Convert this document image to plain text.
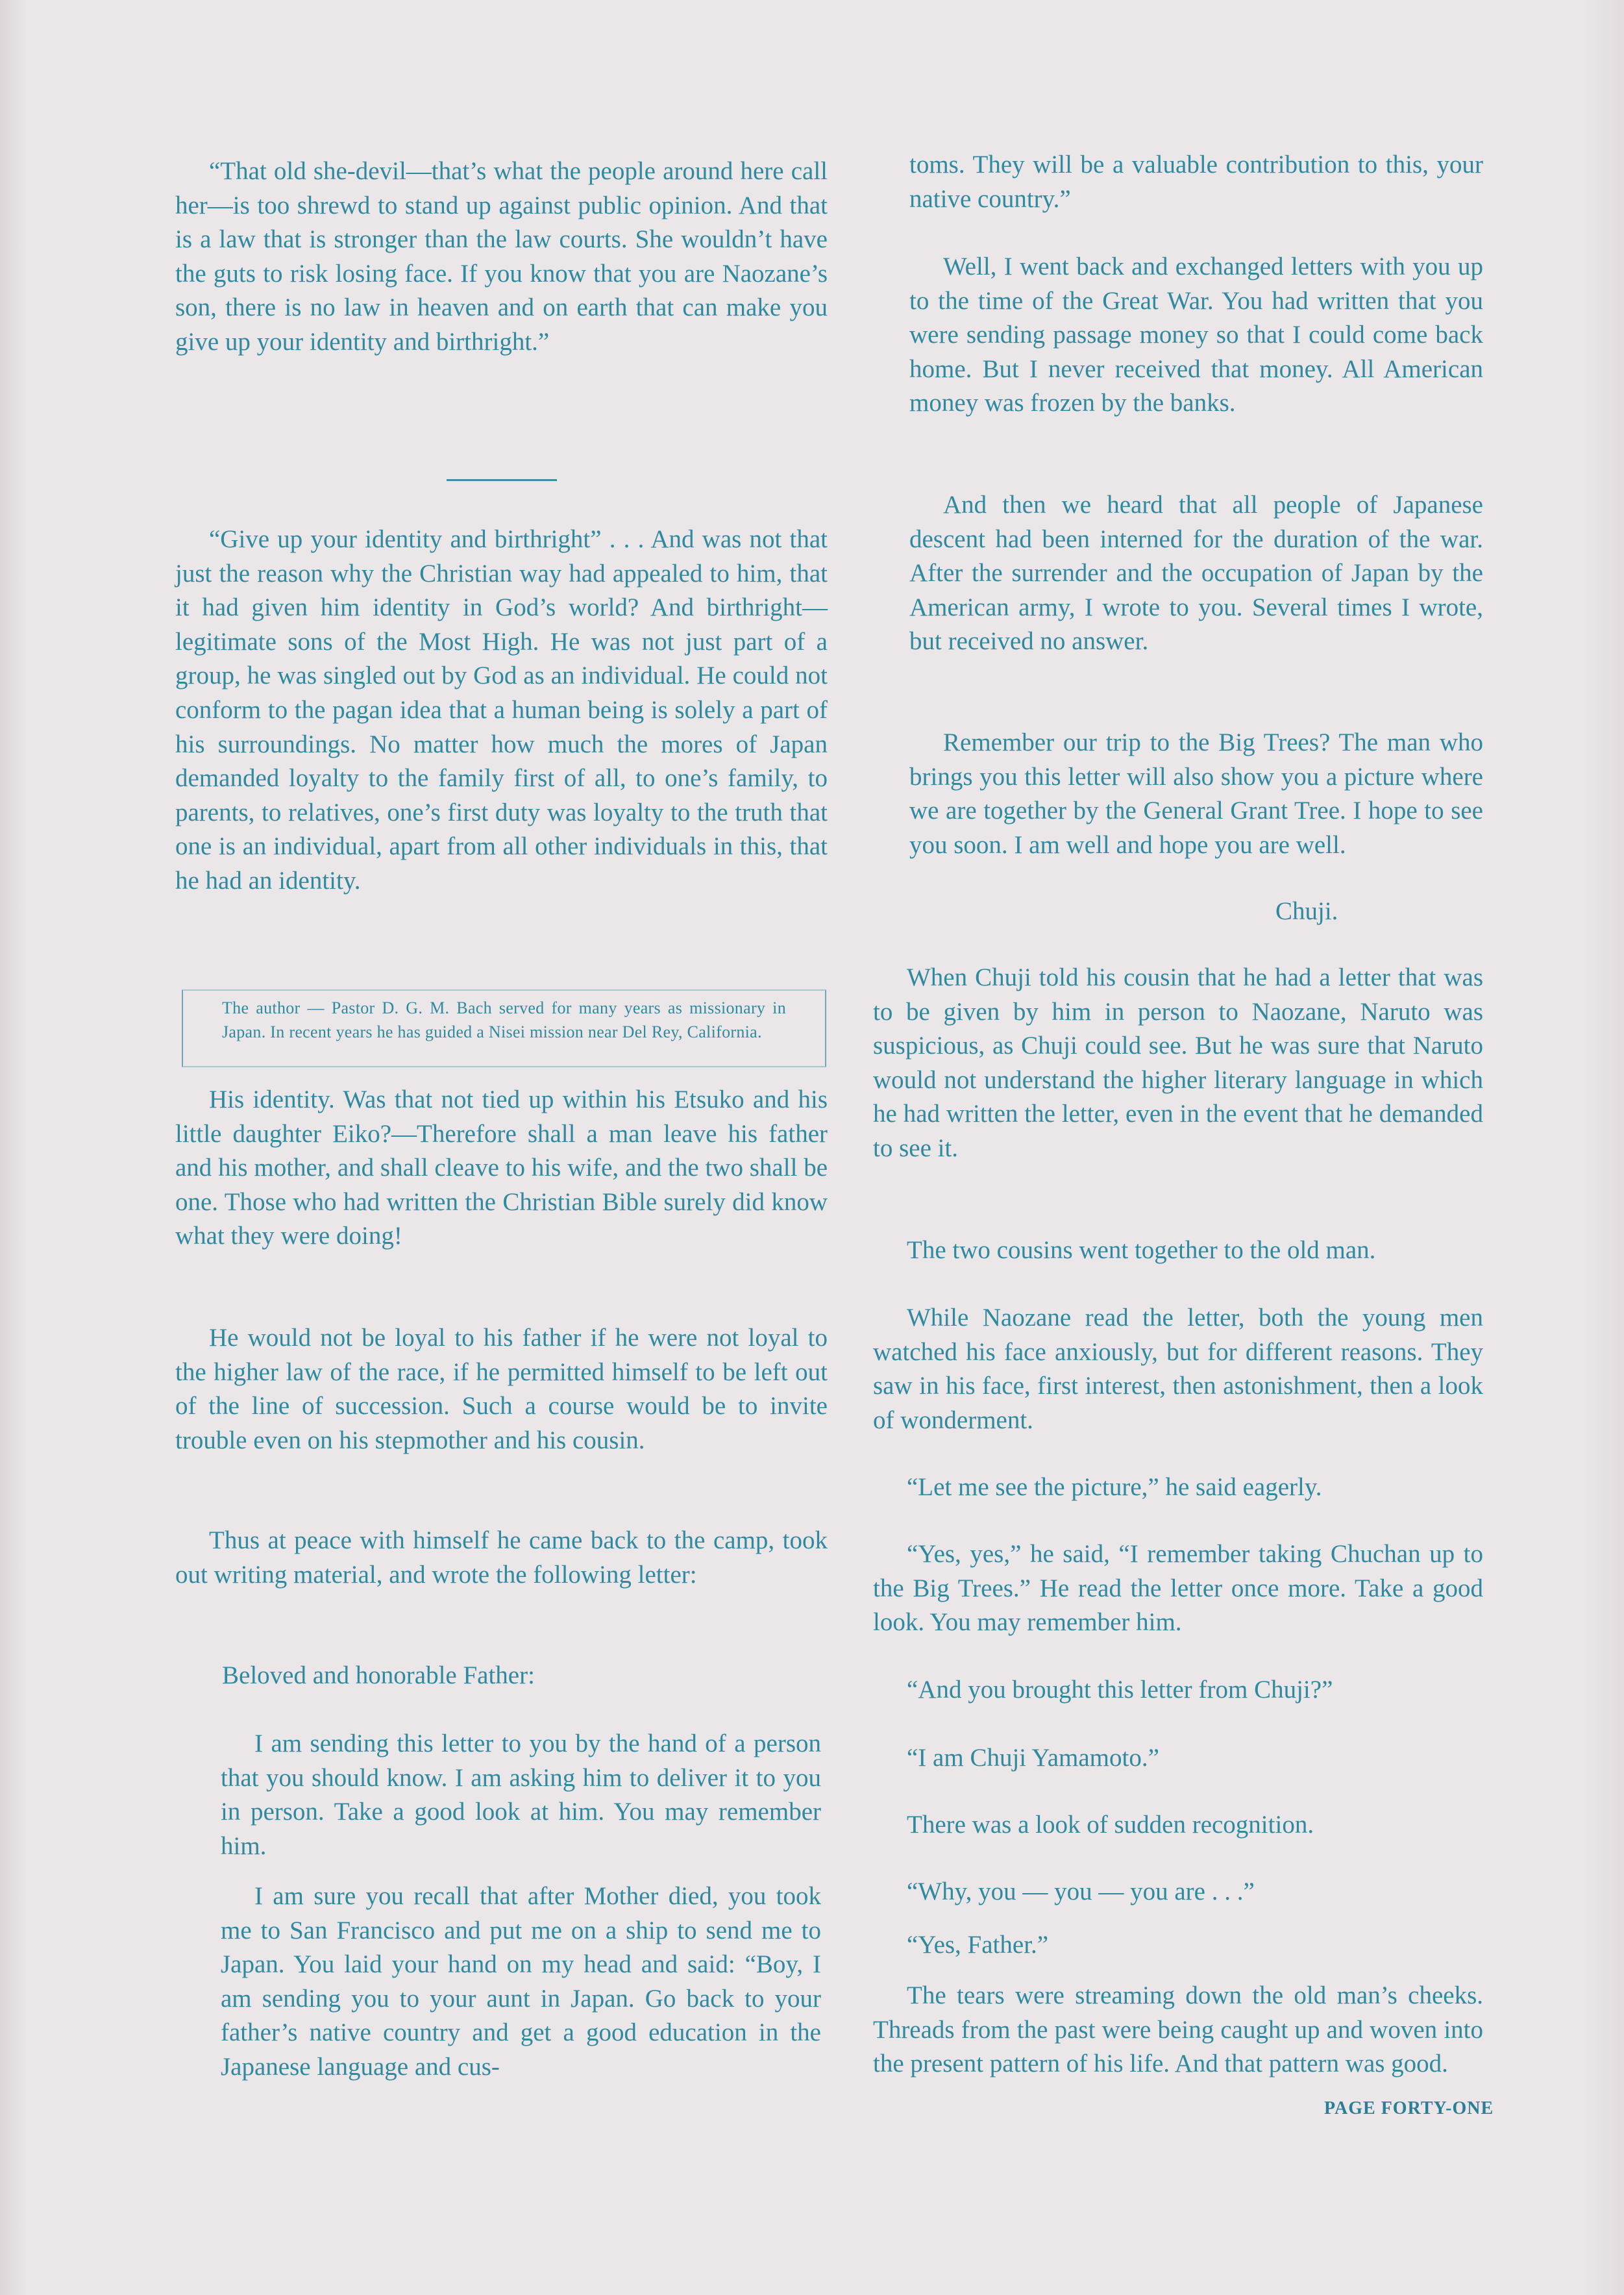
“That old she-devil—that’s what the people around here call her—is too shrewd to stand up against public opinion. And that is a law that is stronger than the law courts. She wouldn’t have the guts to risk losing face. If you know that you are Naozane’s son, there is no law in heaven and on earth that can make you give up your identity and birthright.”

“Give up your identity and birthright” . . . And was not that just the reason why the Christian way had appealed to him, that it had given him identity in God’s world? And birthright—legitimate sons of the Most High. He was not just part of a group, he was singled out by God as an individual. He could not conform to the pagan idea that a human being is solely a part of his surroundings. No matter how much the mores of Japan demanded loyalty to the family first of all, to one’s family, to parents, to relatives, one’s first duty was loyalty to the truth that one is an individual, apart from all other individuals in this, that he had an identity.

The author — Pastor D. G. M. Bach served for many years as missionary in Japan. In recent years he has guided a Nisei mission near Del Rey, California.

His identity. Was that not tied up within his Etsuko and his little daughter Eiko?—Therefore shall a man leave his father and his mother, and shall cleave to his wife, and the two shall be one. Those who had written the Christian Bible surely did know what they were doing!

He would not be loyal to his father if he were not loyal to the higher law of the race, if he permitted himself to be left out of the line of succession. Such a course would be to invite trouble even on his stepmother and his cousin.

Thus at peace with himself he came back to the camp, took out writing material, and wrote the following letter:

Beloved and honorable Father:

I am sending this letter to you by the hand of a person that you should know. I am asking him to deliver it to you in person. Take a good look at him. You may remember him.

I am sure you recall that after Mother died, you took me to San Francisco and put me on a ship to send me to Japan. You laid your hand on my head and said: “Boy, I am sending you to your aunt in Japan. Go back to your father’s native country and get a good education in the Japanese language and cus-

toms. They will be a valuable contribution to this, your native country.”

Well, I went back and exchanged letters with you up to the time of the Great War. You had written that you were sending passage money so that I could come back home. But I never received that money. All American money was frozen by the banks.

And then we heard that all people of Japanese descent had been interned for the duration of the war. After the surrender and the occupation of Japan by the American army, I wrote to you. Several times I wrote, but received no answer.

Remember our trip to the Big Trees? The man who brings you this letter will also show you a picture where we are together by the General Grant Tree. I hope to see you soon. I am well and hope you are well.

Chuji.

When Chuji told his cousin that he had a letter that was to be given by him in person to Naozane, Naruto was suspicious, as Chuji could see. But he was sure that Naruto would not understand the higher literary language in which he had written the letter, even in the event that he demanded to see it.

The two cousins went together to the old man.

While Naozane read the letter, both the young men watched his face anxiously, but for different reasons. They saw in his face, first interest, then astonishment, then a look of wonderment.

“Let me see the picture,” he said eagerly.

“Yes, yes,” he said, “I remember taking Chuchan up to the Big Trees.” He read the letter once more. Take a good look. You may remember him.

“And you brought this letter from Chuji?”

“I am Chuji Yamamoto.”

There was a look of sudden recognition.

“Why, you — you — you are . . .”

“Yes, Father.”

The tears were streaming down the old man’s cheeks. Threads from the past were being caught up and woven into the present pattern of his life. And that pattern was good.

PAGE FORTY-ONE
